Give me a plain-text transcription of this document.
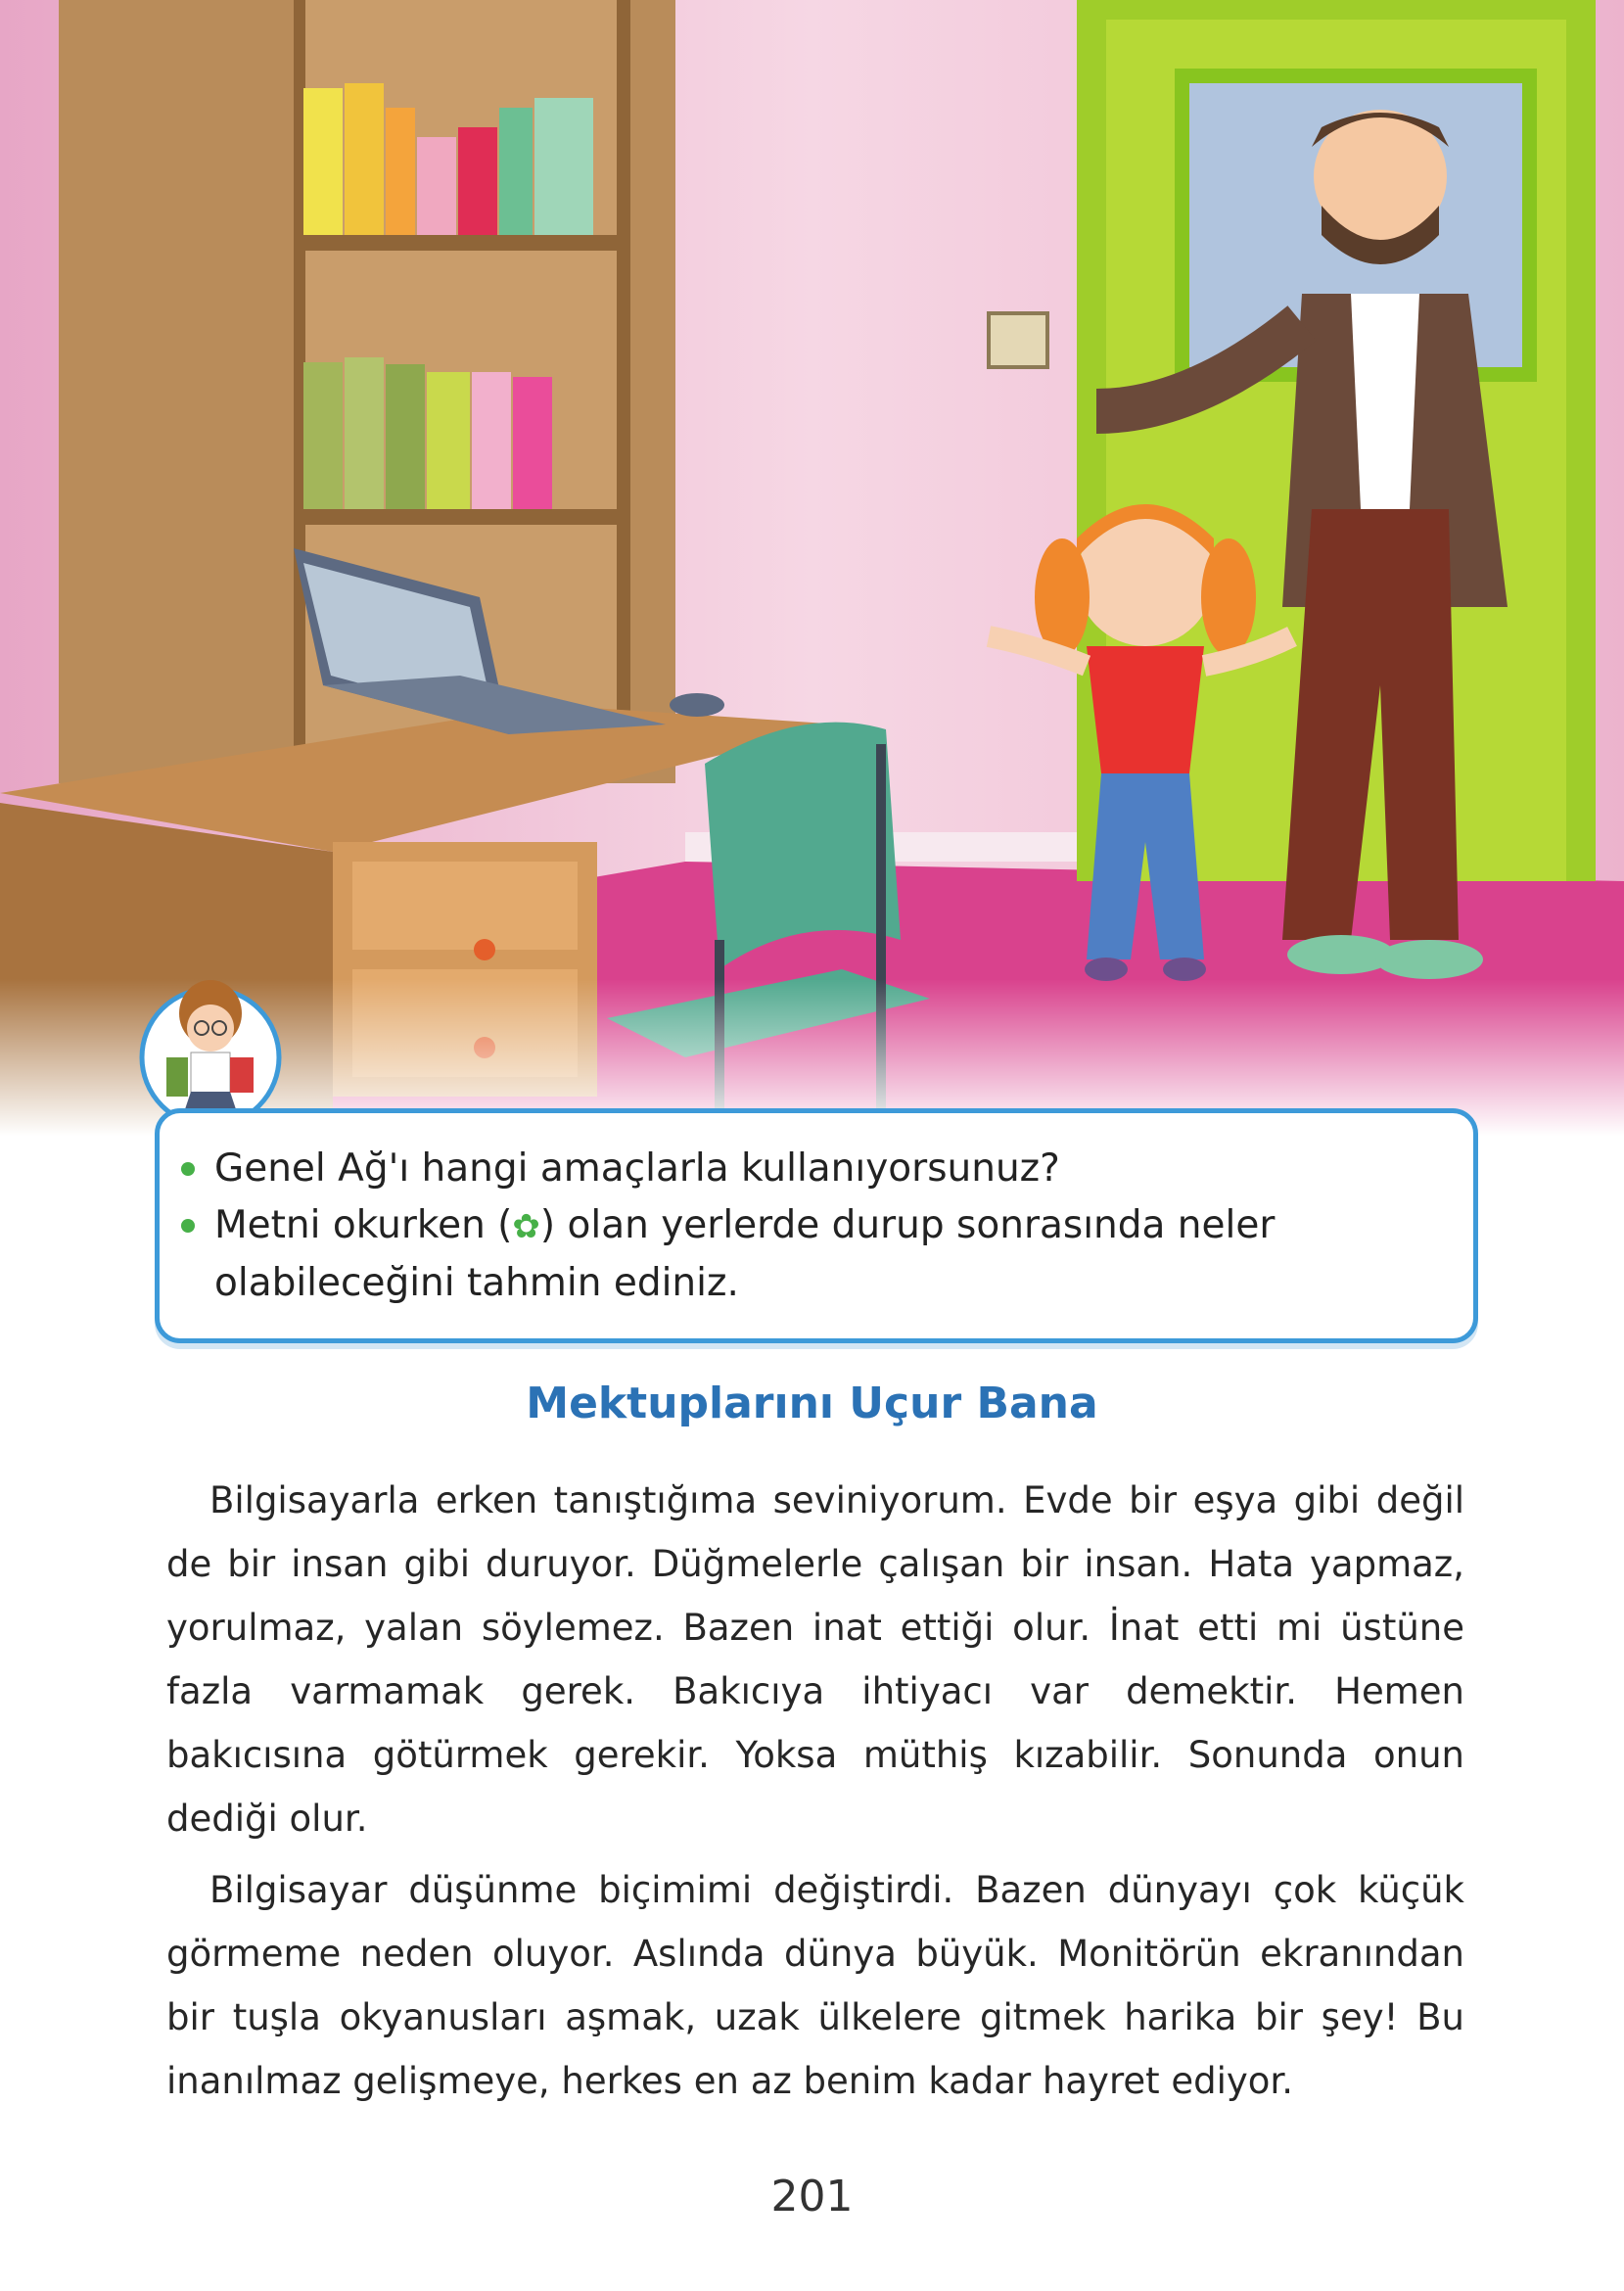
Genel Ağ'ı hangi amaçlarla kullanıyorsunuz?
Metni okurken (✿) olan yerlerde durup sonrasında neler olabileceğini tahmin ediniz.
Mektuplarını Uçur Bana

Bilgisayarla erken tanıştığıma seviniyorum. Evde bir eşya gibi değil de bir insan gibi duruyor. Düğmelerle çalışan bir insan. Hata yapmaz, yorulmaz, yalan söylemez. Bazen inat ettiği olur. İnat etti mi üstüne fazla varmamak gerek. Bakıcıya ihtiyacı var demektir. Hemen bakıcısına götürmek gerekir. Yoksa müthiş kızabilir. Sonunda onun dediği olur.

Bilgisayar düşünme biçimimi değiştirdi. Bazen dünyayı çok küçük görmeme neden oluyor. Aslında dünya büyük. Monitörün ekranından bir tuşla okyanusları aşmak, uzak ülkelere gitmek harika bir şey! Bu inanılmaz gelişmeye, herkes en az benim kadar hayret ediyor.

201
